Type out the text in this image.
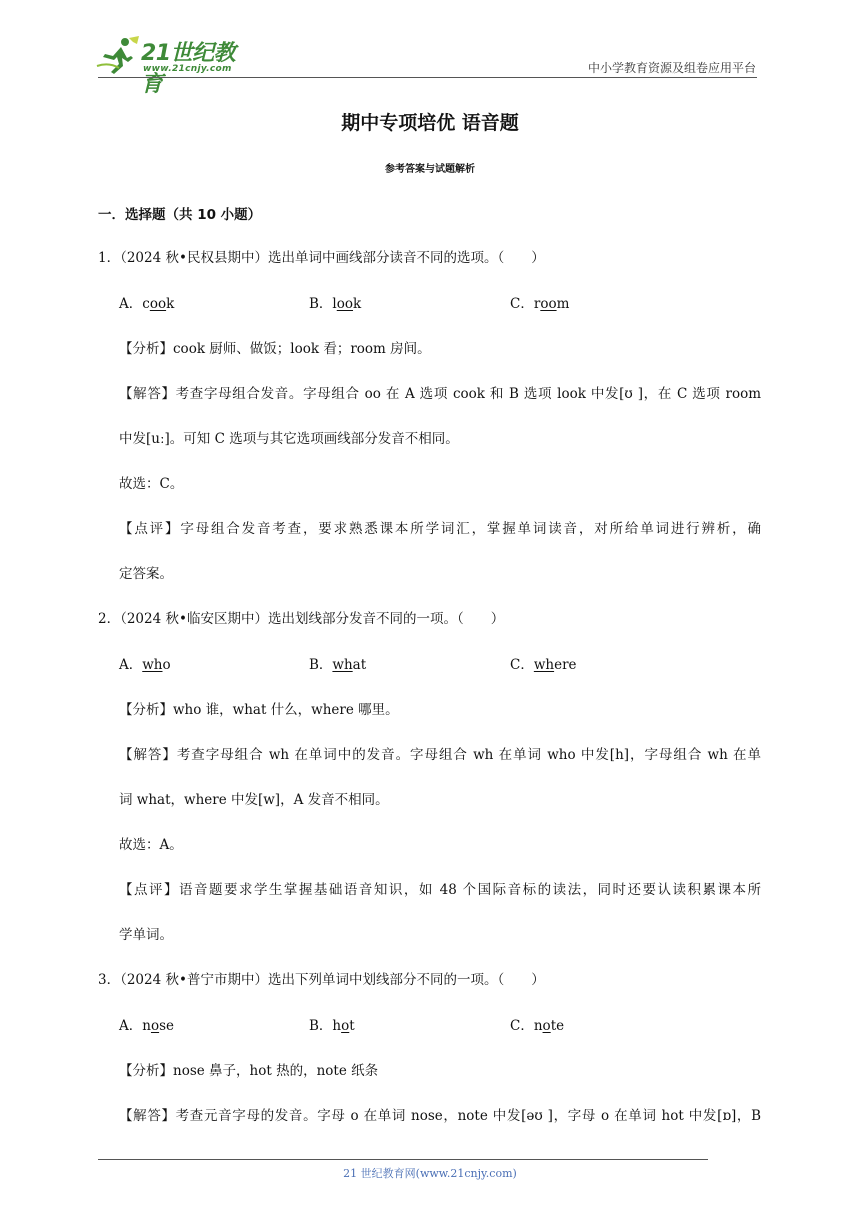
21世纪教育
www.21cnjy.com	中小学教育资源及组卷应用平台
期中专项培优 语音题
参考答案与试题解析
一．选择题（共 10 小题）
1．（2024 秋•民权县期中）选出单词中画线部分读音不同的选项。（　　）
A．cook	B．look	C．room
【分析】cook 厨师、做饭；look 看；room 房间。
【解答】考查字母组合发音。字母组合 oo 在 A 选项 cook 和 B 选项 look 中发[ʊ ]，在 C 选项 room
中发[uː]。可知 C 选项与其它选项画线部分发音不相同。
故选：C。
【点评】字母组合发音考查，要求熟悉课本所学词汇，掌握单词读音，对所给单词进行辨析，确
定答案。
2．（2024 秋•临安区期中）选出划线部分发音不同的一项。（　　）
A．who	B．what	C．where
【分析】who 谁，what 什么，where 哪里。
【解答】考查字母组合 wh 在单词中的发音。字母组合 wh 在单词 who 中发[h]，字母组合 wh 在单
词 what，where 中发[w]，A 发音不相同。
故选：A。
【点评】语音题要求学生掌握基础语音知识，如 48 个国际音标的读法，同时还要认读积累课本所
学单词。
3．（2024 秋•普宁市期中）选出下列单词中划线部分不同的一项。（　　）
A．nose	B．hot	C．note
【分析】nose 鼻子，hot 热的，note 纸条
【解答】考查元音字母的发音。字母 o 在单词 nose，note 中发[əʊ ]，字母 o 在单词 hot 中发[ɒ]，B
21 世纪教育网(www.21cnjy.com)
